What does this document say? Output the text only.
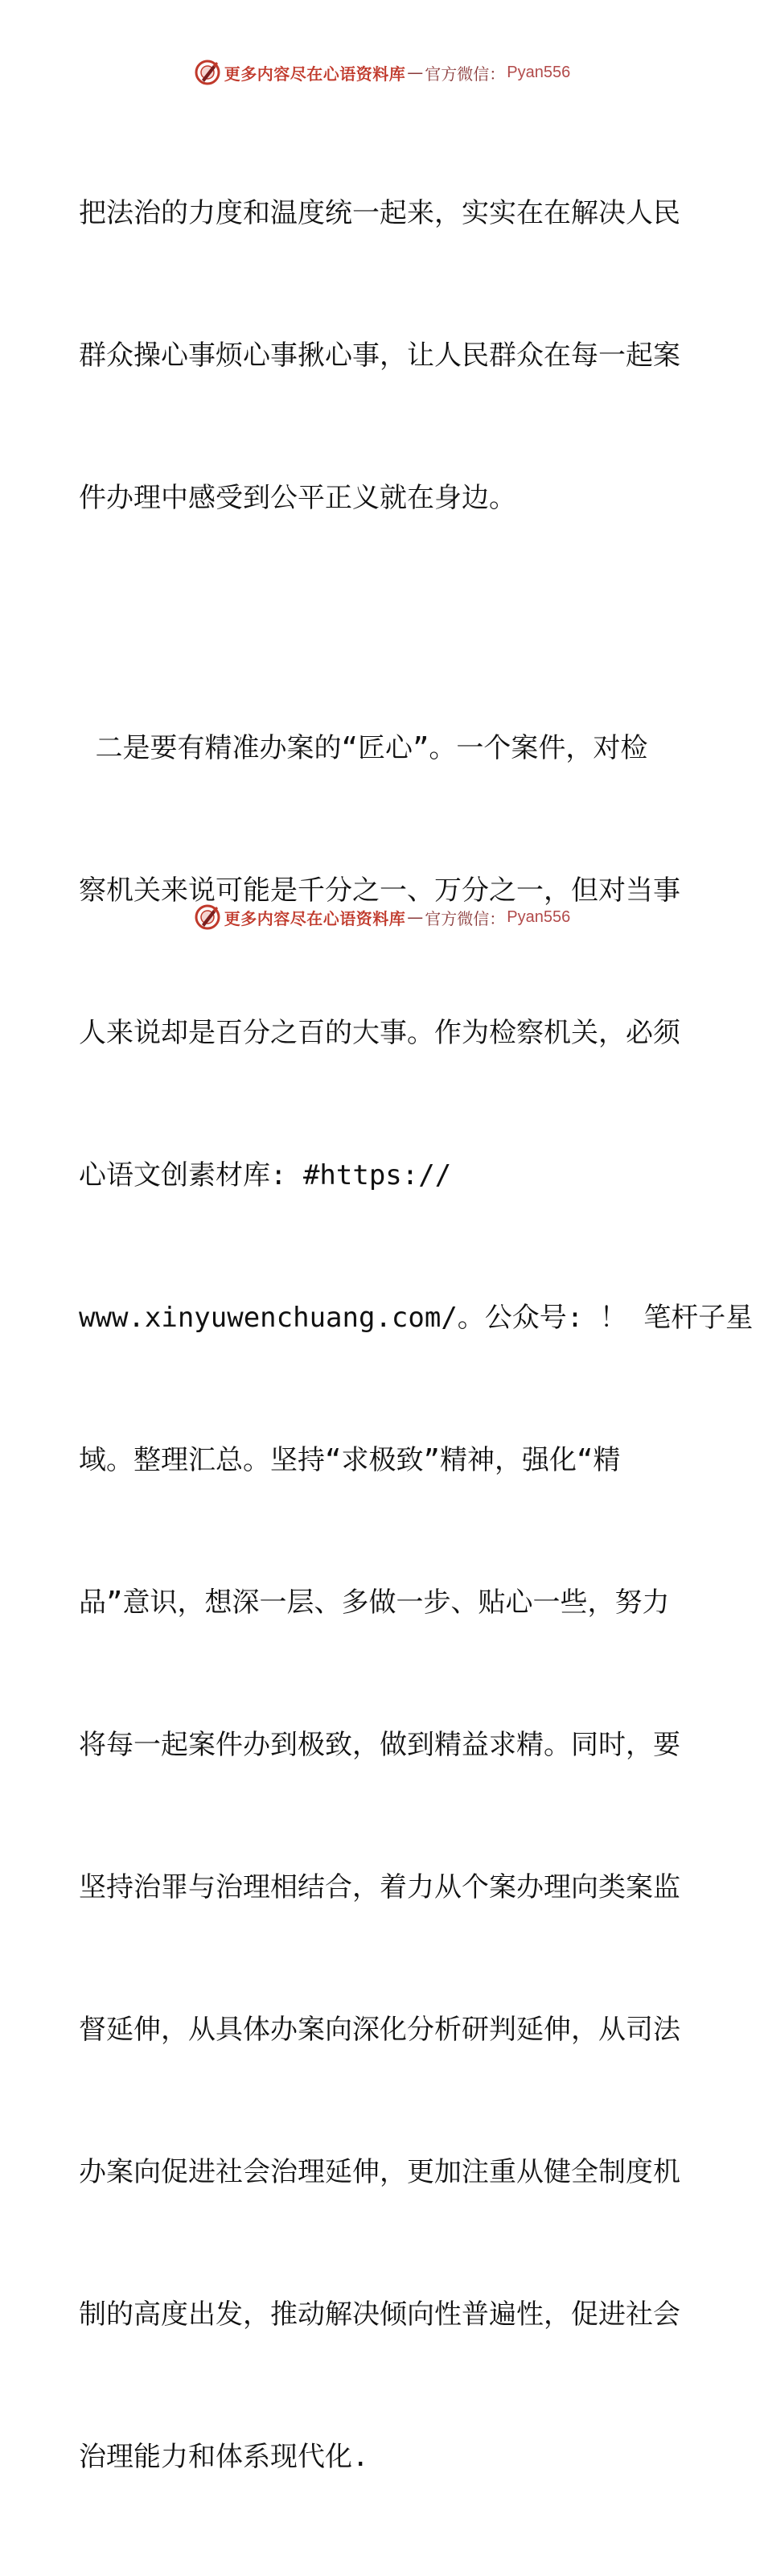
更多内容尽在心语资料库 — 官方微信： Pyan556

把法治的力度和温度统一起来，实实在在解决人民

群众操心事烦心事揪心事，让人民群众在每一起案

件办理中感受到公平正义就在身边。

二是要有精准办案的“匠心”。一个案件，对检

察机关来说可能是千分之一、万分之一，但对当事

人来说却是百分之百的大事。作为检察机关，必须

心语文创素材库: #https://

www.xinyuwenchuang.com/。公众号: ！ 笔杆子星

域。整理汇总。坚持“求极致”精神，强化“精

品”意识，想深一层、多做一步、贴心一些，努力

将每一起案件办到极致，做到精益求精。同时，要

坚持治罪与治理相结合，着力从个案办理向类案监

督延伸，从具体办案向深化分析研判延伸，从司法

办案向促进社会治理延伸，更加注重从健全制度机

制的高度出发，推动解决倾向性普遍性，促进社会

治理能力和体系现代化.

更多内容尽在心语资料库 — 官方微信： Pyan556
